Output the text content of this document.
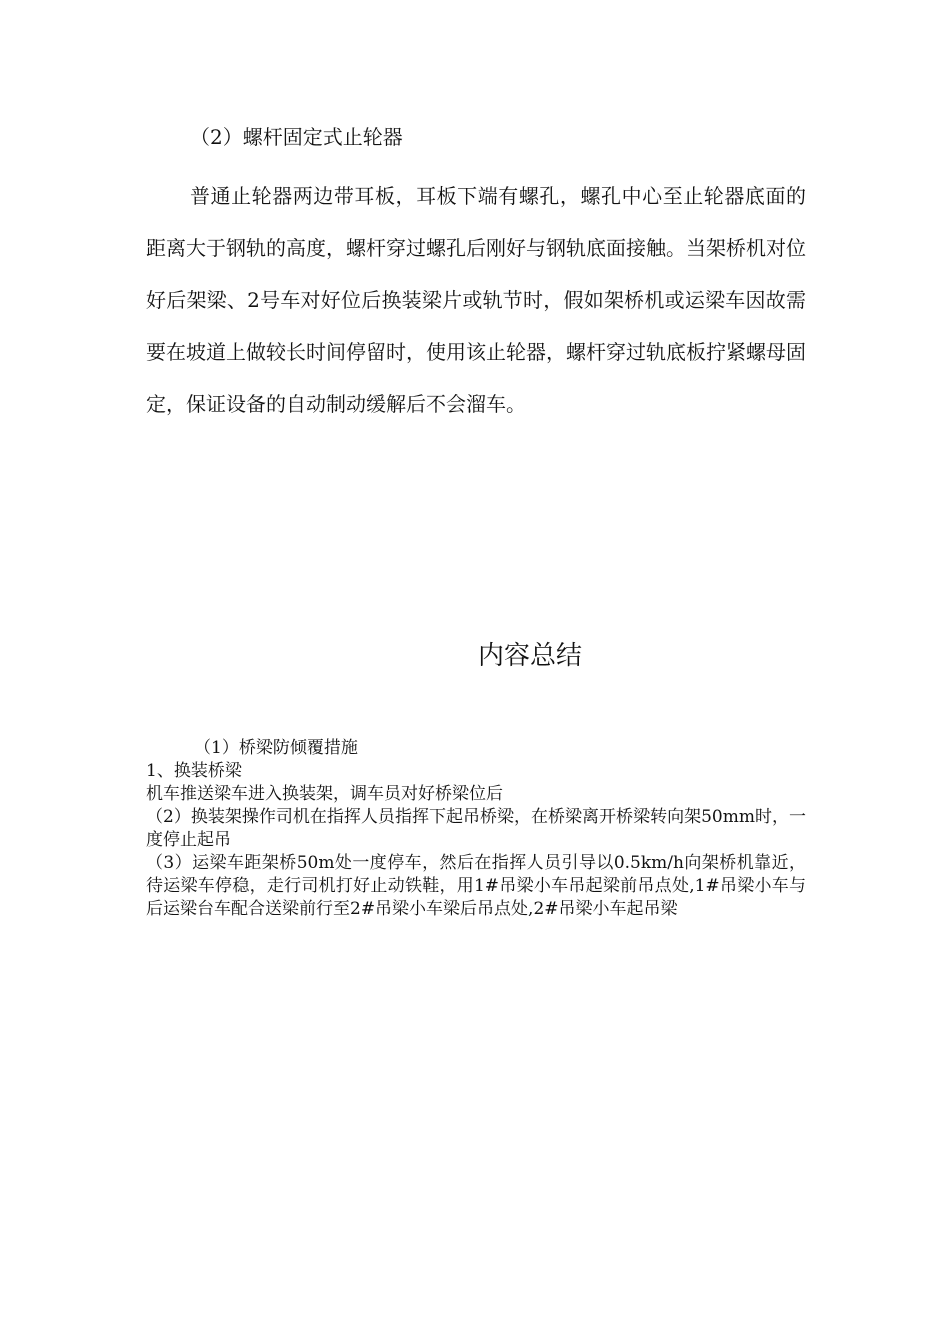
（2）螺杆固定式止轮器

普通止轮器两边带耳板，耳板下端有螺孔，螺孔中心至止轮器底面的距离大于钢轨的高度，螺杆穿过螺孔后刚好与钢轨底面接触。当架桥机对位好后架梁、2号车对好位后换装梁片或轨节时，假如架桥机或运梁车因故需要在坡道上做较长时间停留时，使用该止轮器，螺杆穿过轨底板拧紧螺母固定，保证设备的自动制动缓解后不会溜车。

内容总结

（1）桥梁防倾覆措施

1、换装桥梁

机车推送梁车进入换装架，调车员对好桥梁位后

（2）换装架操作司机在指挥人员指挥下起吊桥梁，在桥梁离开桥梁转向架50mm时，一度停止起吊

（3）运梁车距架桥50m处一度停车，然后在指挥人员引导以0.5km/h向架桥机靠近，待运梁车停稳，走行司机打好止动铁鞋，用1#吊梁小车吊起梁前吊点处,1#吊梁小车与后运梁台车配合送梁前行至2#吊梁小车梁后吊点处,2#吊梁小车起吊梁
